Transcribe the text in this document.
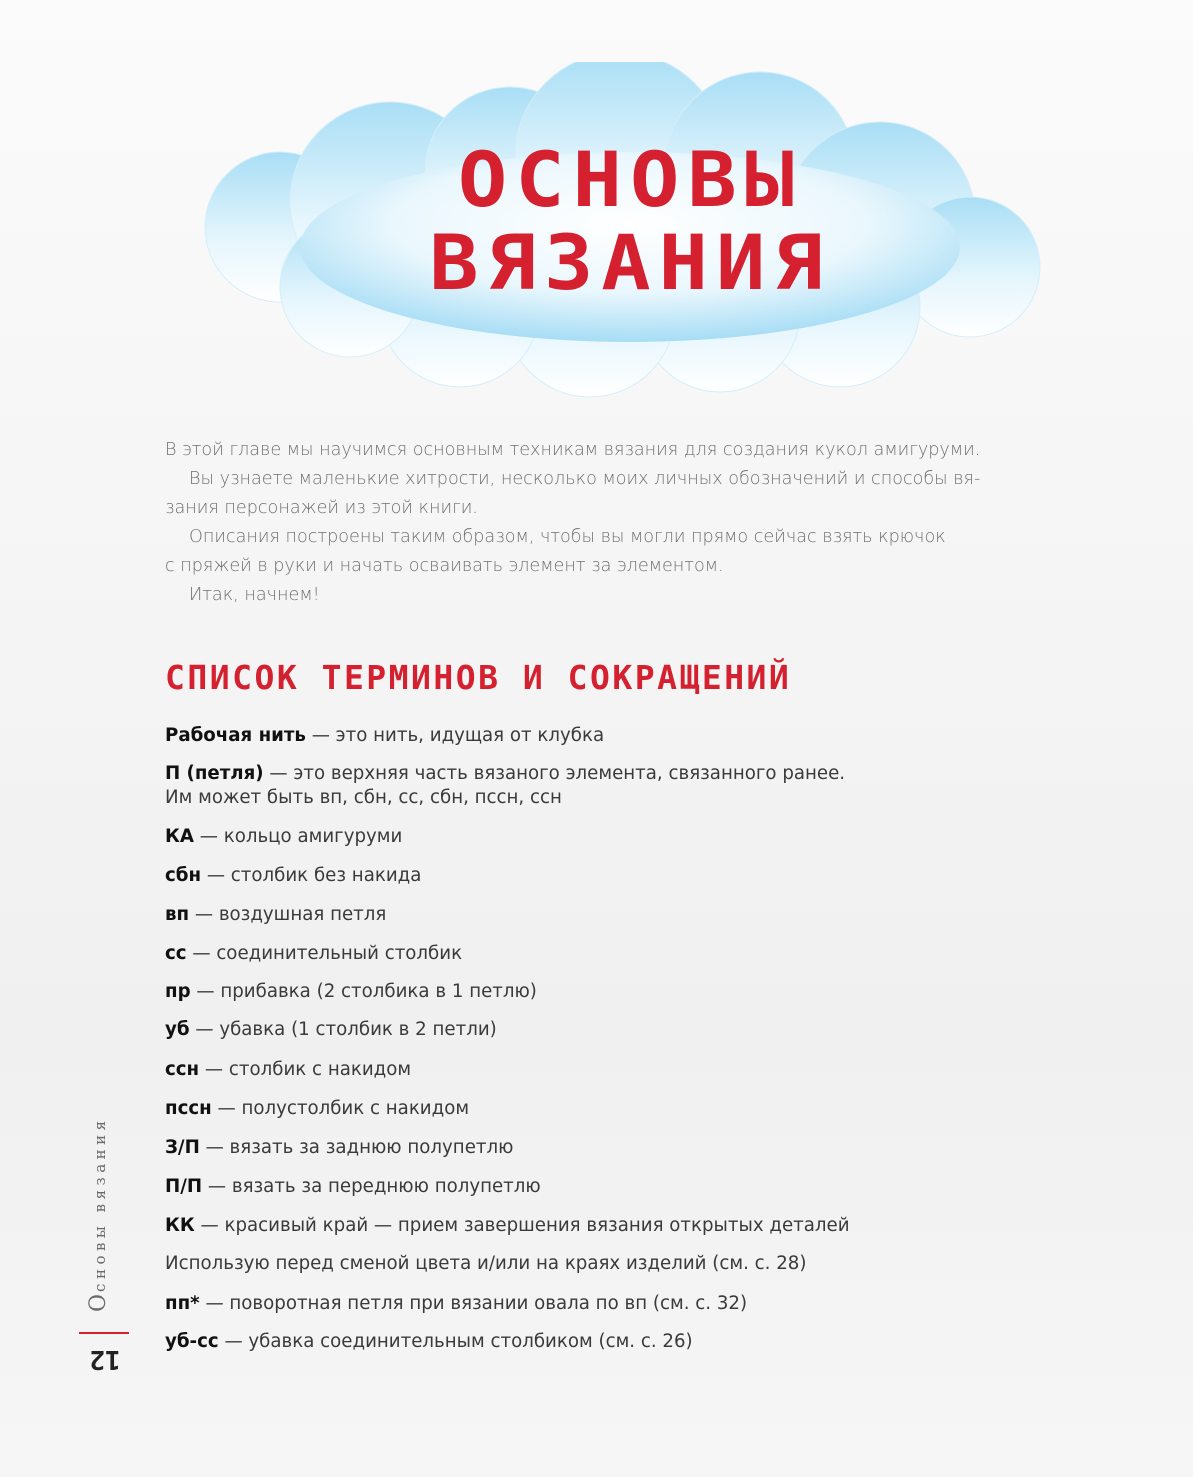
ОСНОВЫ
ВЯЗАНИЯ

В этой главе мы научимся основным техникам вязания для создания кукол амигуруми.

Вы узнаете маленькие хитрости, несколько моих личных обозначений и способы вя-

зания персонажей из этой книги.

Описания построены таким образом, чтобы вы могли прямо сейчас взять крючок

с пряжей в руки и начать осваивать элемент за элементом.

Итак, начнем!

СПИСОК ТЕРМИНОВ И СОКРАЩЕНИЙ
Рабочая нить — это нить, идущая от клубка
П (петля) — это верхняя часть вязаного элемента, связанного ранее.
Им может быть вп, сбн, сс, сбн, пссн, ссн
КА — кольцо амигуруми
сбн — столбик без накида
вп — воздушная петля
сс — соединительный столбик
пр — прибавка (2 столбика в 1 петлю)
уб — убавка (1 столбик в 2 петли)
ссн — столбик с накидом
пссн — полустолбик с накидом
З/П — вязать за заднюю полупетлю
П/П — вязать за переднюю полупетлю
КК — красивый край — прием завершения вязания открытых деталей
Использую перед сменой цвета и/или на краях изделий (см. с. 28)
пп* — поворотная петля при вязании овала по вп (см. с. 32)
уб-сс — убавка соединительным столбиком (см. с. 26)
Основы вязания
12
